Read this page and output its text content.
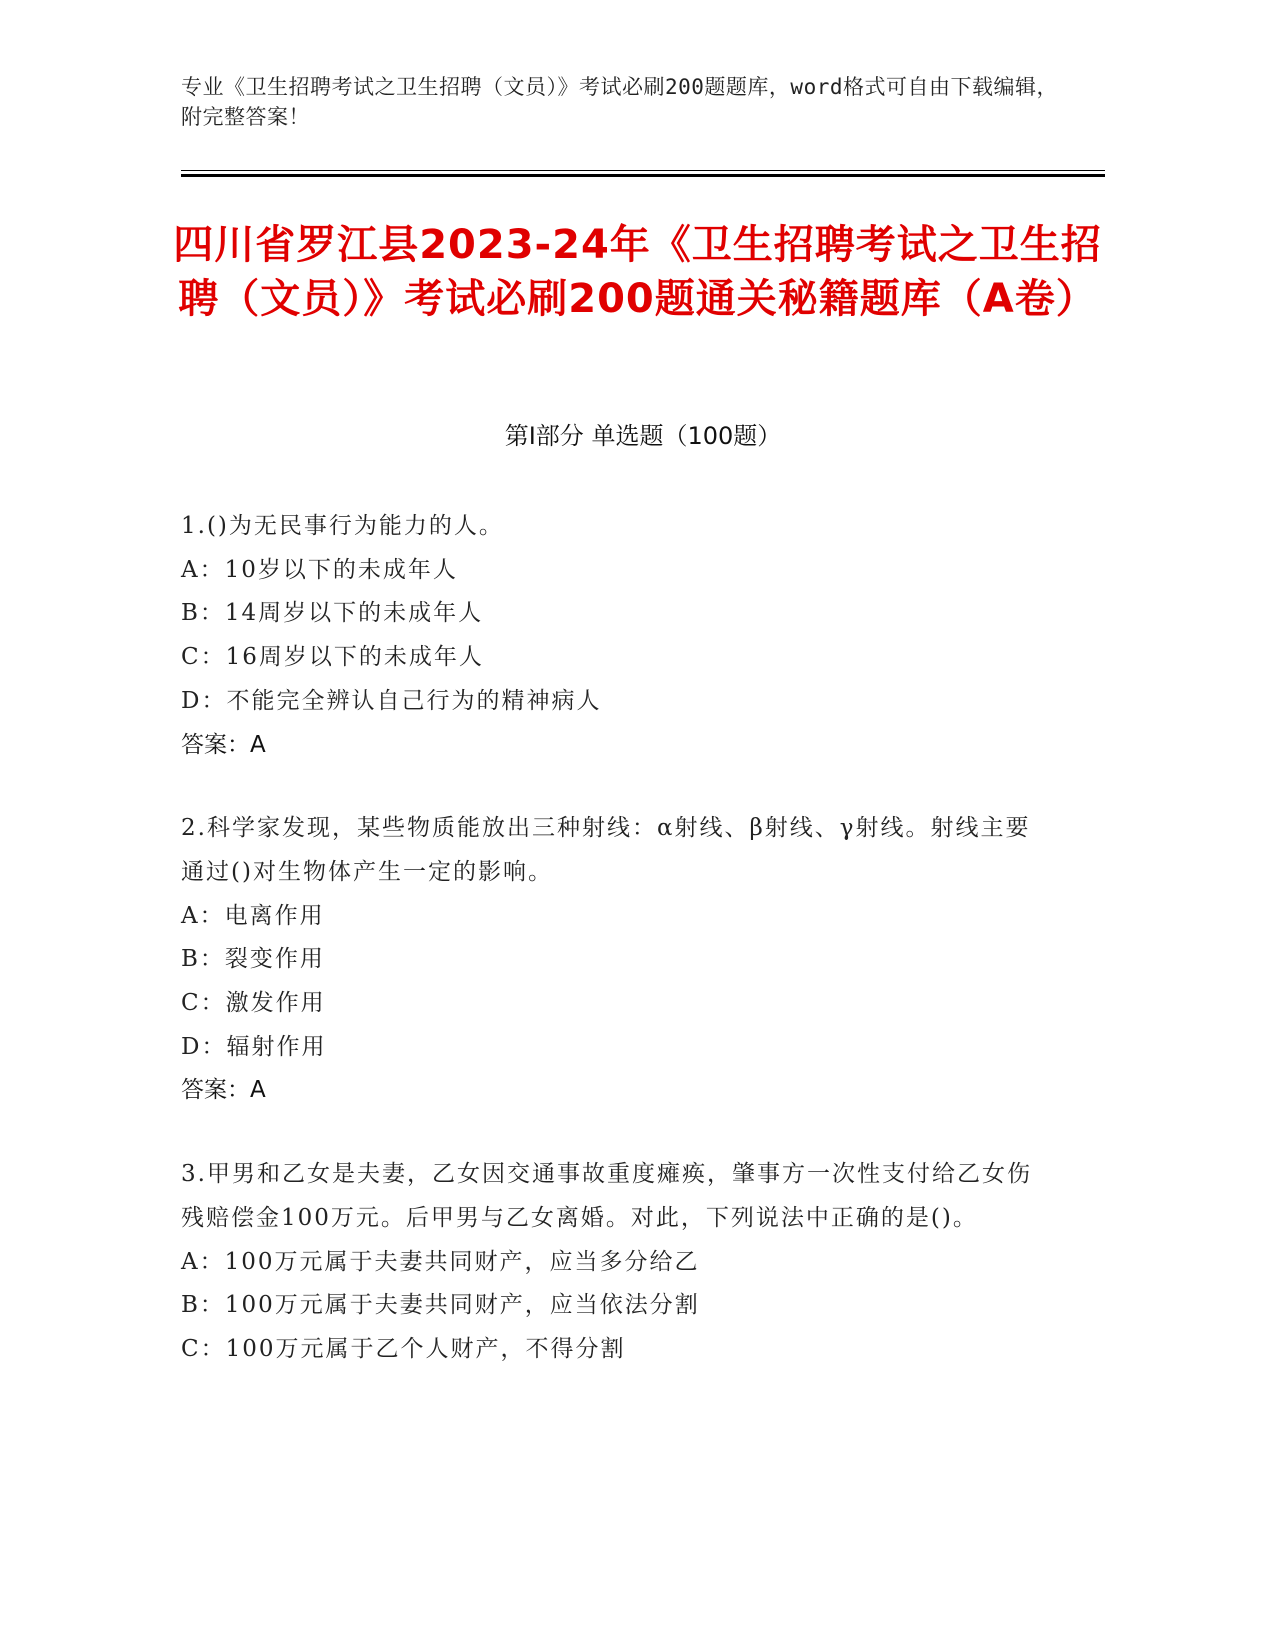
专业《卫生招聘考试之卫生招聘（文员）》考试必刷200题题库，word格式可自由下载编辑，附完整答案！
四川省罗江县2023-24年《卫生招聘考试之卫生招聘（文员）》考试必刷200题通关秘籍题库（A卷）
第I部分 单选题（100题）

1.()为无民事行为能力的人。

A：10岁以下的未成年人

B：14周岁以下的未成年人

C：16周岁以下的未成年人

D：不能完全辨认自己行为的精神病人

答案：A

2.科学家发现，某些物质能放出三种射线：α射线、β射线、γ射线。射线主要通过()对生物体产生一定的影响。

A：电离作用

B：裂变作用

C：激发作用

D：辐射作用

答案：A

3.甲男和乙女是夫妻，乙女因交通事故重度瘫痪，肇事方一次性支付给乙女伤残赔偿金100万元。后甲男与乙女离婚。对此，下列说法中正确的是()。

A：100万元属于夫妻共同财产，应当多分给乙

B：100万元属于夫妻共同财产，应当依法分割

C：100万元属于乙个人财产，不得分割
